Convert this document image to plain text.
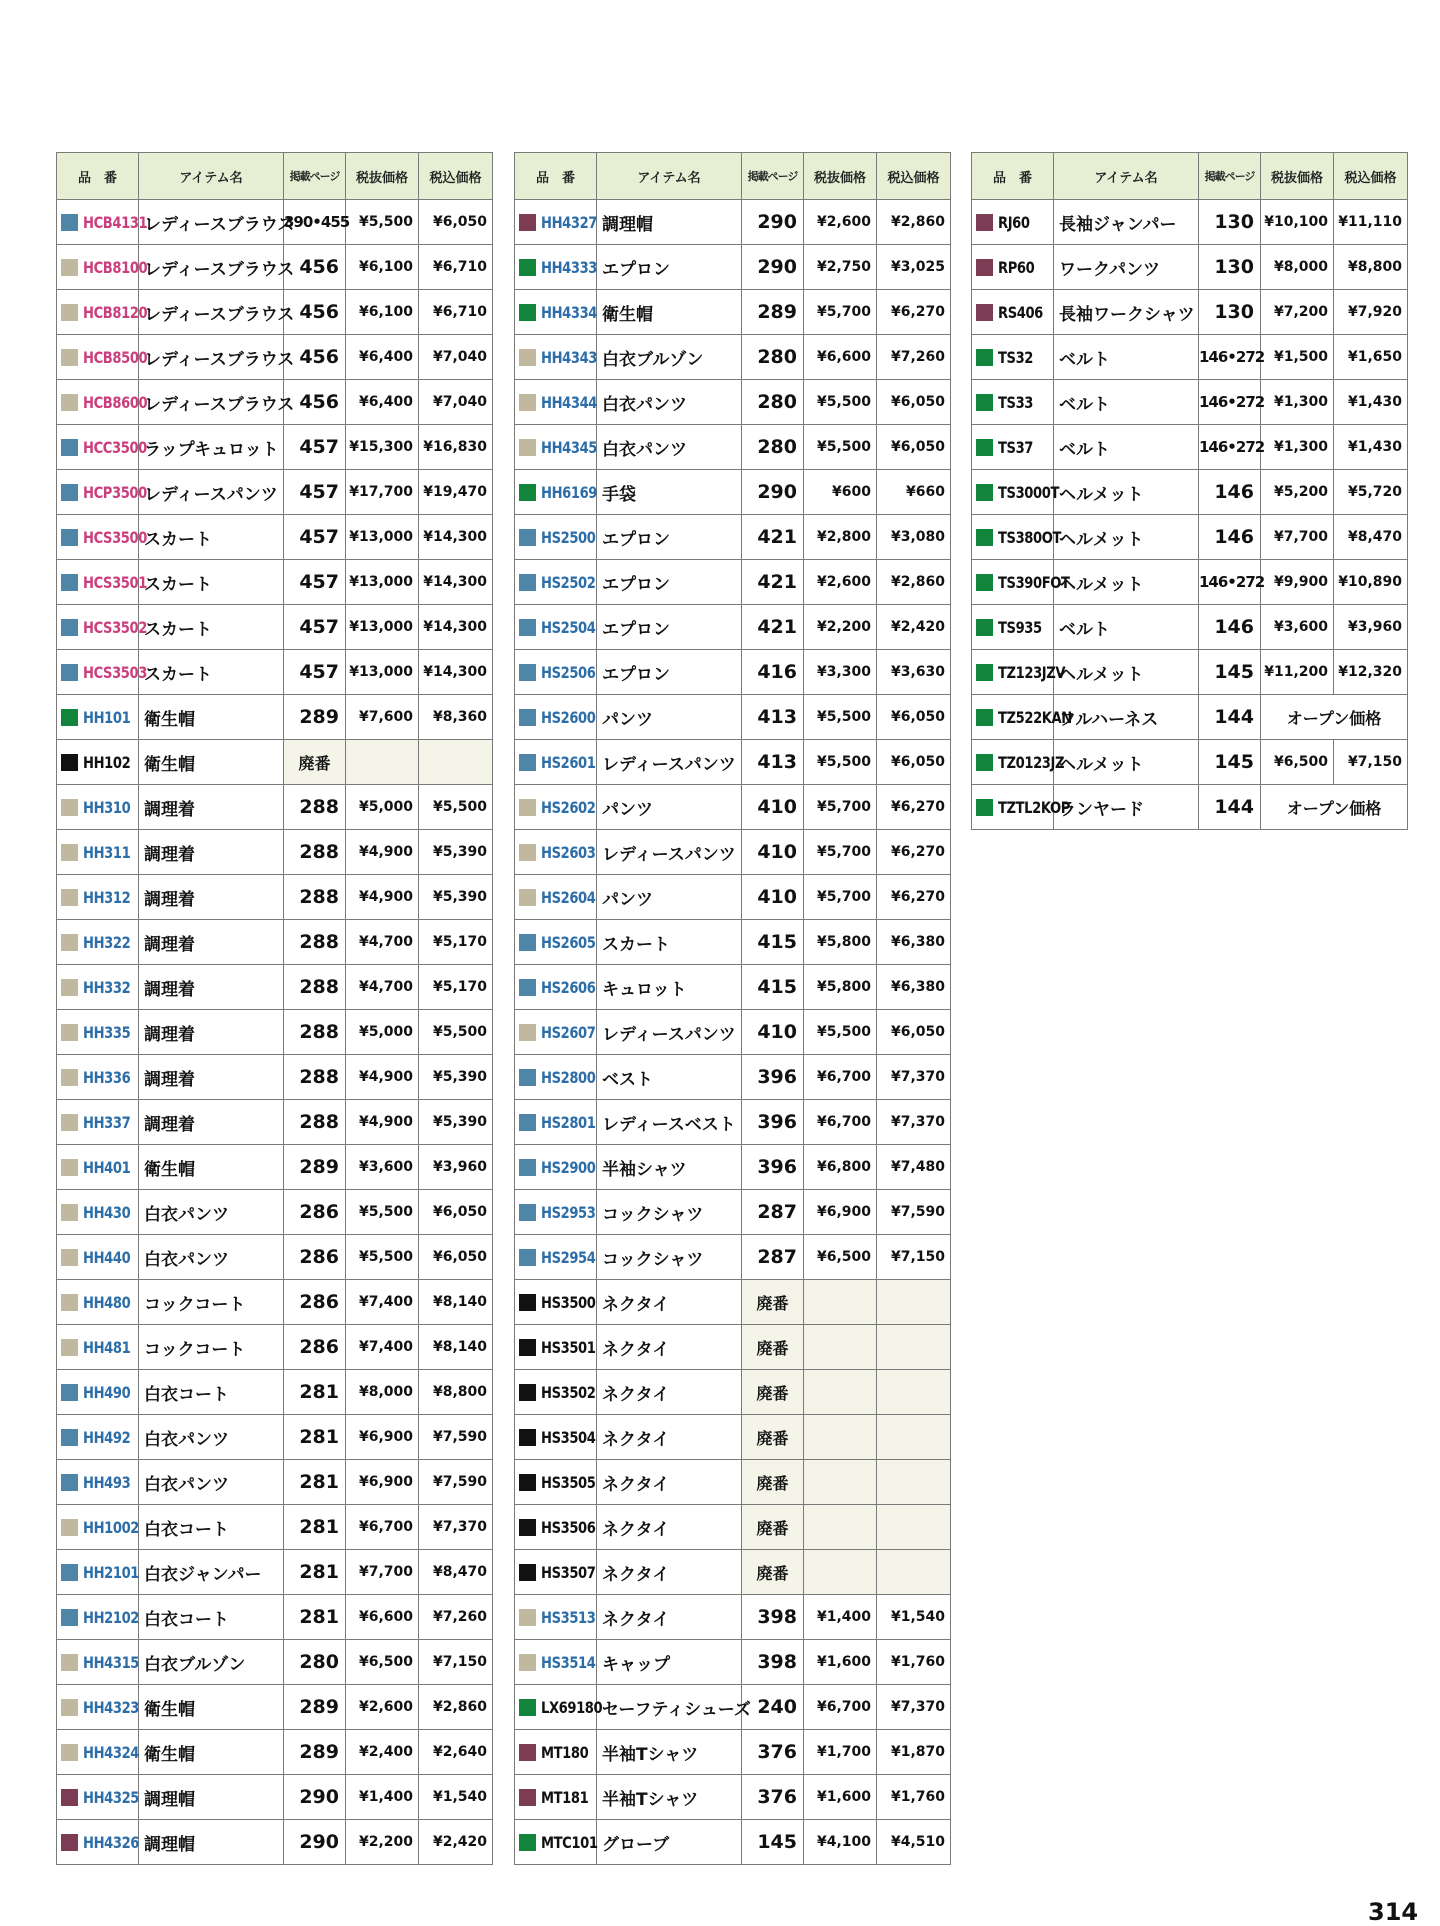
品　番	アイテム名	掲載ページ	税抜価格	税込価格

HCB4131	レディースブラウス	390•455	¥5,500	¥6,050

HCB8100	レディースブラウス	456	¥6,100	¥6,710

HCB8120	レディースブラウス	456	¥6,100	¥6,710

HCB8500	レディースブラウス	456	¥6,400	¥7,040

HCB8600	レディースブラウス	456	¥6,400	¥7,040

HCC3500	ラップキュロット	457	¥15,300	¥16,830

HCP3500	レディースパンツ	457	¥17,700	¥19,470

HCS3500	スカート	457	¥13,000	¥14,300

HCS3501	スカート	457	¥13,000	¥14,300

HCS3502	スカート	457	¥13,000	¥14,300

HCS3503	スカート	457	¥13,000	¥14,300

HH101	衛生帽	289	¥7,600	¥8,360

HH102	衛生帽	廃番		

HH310	調理着	288	¥5,000	¥5,500

HH311	調理着	288	¥4,900	¥5,390

HH312	調理着	288	¥4,900	¥5,390

HH322	調理着	288	¥4,700	¥5,170

HH332	調理着	288	¥4,700	¥5,170

HH335	調理着	288	¥5,000	¥5,500

HH336	調理着	288	¥4,900	¥5,390

HH337	調理着	288	¥4,900	¥5,390

HH401	衛生帽	289	¥3,600	¥3,960

HH430	白衣パンツ	286	¥5,500	¥6,050

HH440	白衣パンツ	286	¥5,500	¥6,050

HH480	コックコート	286	¥7,400	¥8,140

HH481	コックコート	286	¥7,400	¥8,140

HH490	白衣コート	281	¥8,000	¥8,800

HH492	白衣パンツ	281	¥6,900	¥7,590

HH493	白衣パンツ	281	¥6,900	¥7,590

HH1002	白衣コート	281	¥6,700	¥7,370

HH2101	白衣ジャンパー	281	¥7,700	¥8,470

HH2102	白衣コート	281	¥6,600	¥7,260

HH4315	白衣ブルゾン	280	¥6,500	¥7,150

HH4323	衛生帽	289	¥2,600	¥2,860

HH4324	衛生帽	289	¥2,400	¥2,640

HH4325	調理帽	290	¥1,400	¥1,540

HH4326	調理帽	290	¥2,200	¥2,420
品　番	アイテム名	掲載ページ	税抜価格	税込価格

HH4327	調理帽	290	¥2,600	¥2,860

HH4333	エプロン	290	¥2,750	¥3,025

HH4334	衛生帽	289	¥5,700	¥6,270

HH4343	白衣ブルゾン	280	¥6,600	¥7,260

HH4344	白衣パンツ	280	¥5,500	¥6,050

HH4345	白衣パンツ	280	¥5,500	¥6,050

HH6169	手袋	290	¥600	¥660

HS2500	エプロン	421	¥2,800	¥3,080

HS2502	エプロン	421	¥2,600	¥2,860

HS2504	エプロン	421	¥2,200	¥2,420

HS2506	エプロン	416	¥3,300	¥3,630

HS2600	パンツ	413	¥5,500	¥6,050

HS2601	レディースパンツ	413	¥5,500	¥6,050

HS2602	パンツ	410	¥5,700	¥6,270

HS2603	レディースパンツ	410	¥5,700	¥6,270

HS2604	パンツ	410	¥5,700	¥6,270

HS2605	スカート	415	¥5,800	¥6,380

HS2606	キュロット	415	¥5,800	¥6,380

HS2607	レディースパンツ	410	¥5,500	¥6,050

HS2800	ベスト	396	¥6,700	¥7,370

HS2801	レディースベスト	396	¥6,700	¥7,370

HS2900	半袖シャツ	396	¥6,800	¥7,480

HS2953	コックシャツ	287	¥6,900	¥7,590

HS2954	コックシャツ	287	¥6,500	¥7,150

HS3500	ネクタイ	廃番		

HS3501	ネクタイ	廃番		

HS3502	ネクタイ	廃番		

HS3504	ネクタイ	廃番		

HS3505	ネクタイ	廃番		

HS3506	ネクタイ	廃番		

HS3507	ネクタイ	廃番		

HS3513	ネクタイ	398	¥1,400	¥1,540

HS3514	キャップ	398	¥1,600	¥1,760

LX69180	セーフティシューズ	240	¥6,700	¥7,370

MT180	半袖Tシャツ	376	¥1,700	¥1,870

MT181	半袖Tシャツ	376	¥1,600	¥1,760

MTC101	グローブ	145	¥4,100	¥4,510
品　番	アイテム名	掲載ページ	税抜価格	税込価格

RJ60	長袖ジャンパー	130	¥10,100	¥11,110

RP60	ワークパンツ	130	¥8,000	¥8,800

RS406	長袖ワークシャツ	130	¥7,200	¥7,920

TS32	ベルト	146•272	¥1,500	¥1,650

TS33	ベルト	146•272	¥1,300	¥1,430

TS37	ベルト	146•272	¥1,300	¥1,430

TS3000T	ヘルメット	146	¥5,200	¥5,720

TS380OT	ヘルメット	146	¥7,700	¥8,470

TS390FOT	ヘルメット	146•272	¥9,900	¥10,890

TS935	ベルト	146	¥3,600	¥3,960

TZ123JZV	ヘルメット	145	¥11,200	¥12,320

TZ522KAN	フルハーネス	144	オープン価格	

TZ0123JZ	ヘルメット	145	¥6,500	¥7,150

TZTL2KOP	ランヤード	144	オープン価格	
314
